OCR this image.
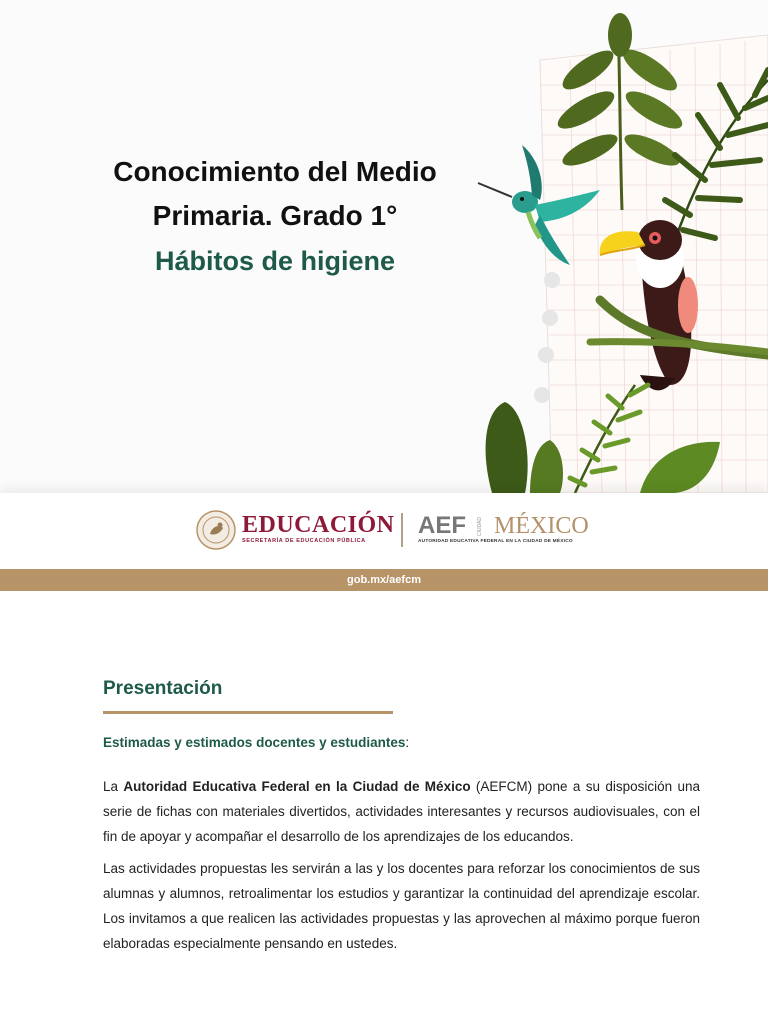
Conocimiento del Medio
Primaria. Grado 1°
Hábitos de higiene
EDUCACIÓN
SECRETARÍA DE EDUCACIÓN PÚBLICA
AEF CIUDAD MÉXICO
AUTORIDAD EDUCATIVA FEDERAL EN LA CIUDAD DE MÉXICO
gob.mx/aefcm
Presentación
Estimadas y estimados docentes y estudiantes:

La Autoridad Educativa Federal en la Ciudad de México (AEFCM) pone a su disposición una serie de fichas con materiales divertidos, actividades interesantes y recursos audiovisuales, con el fin de apoyar y acompañar el desarrollo de los aprendizajes de los educandos.

Las actividades propuestas les servirán a las y los docentes para reforzar los conocimientos de sus alumnas y alumnos, retroalimentar los estudios y garantizar la continuidad del aprendizaje escolar. Los invitamos a que realicen las actividades propuestas y las aprovechen al máximo porque fueron elaboradas especialmente pensando en ustedes.
